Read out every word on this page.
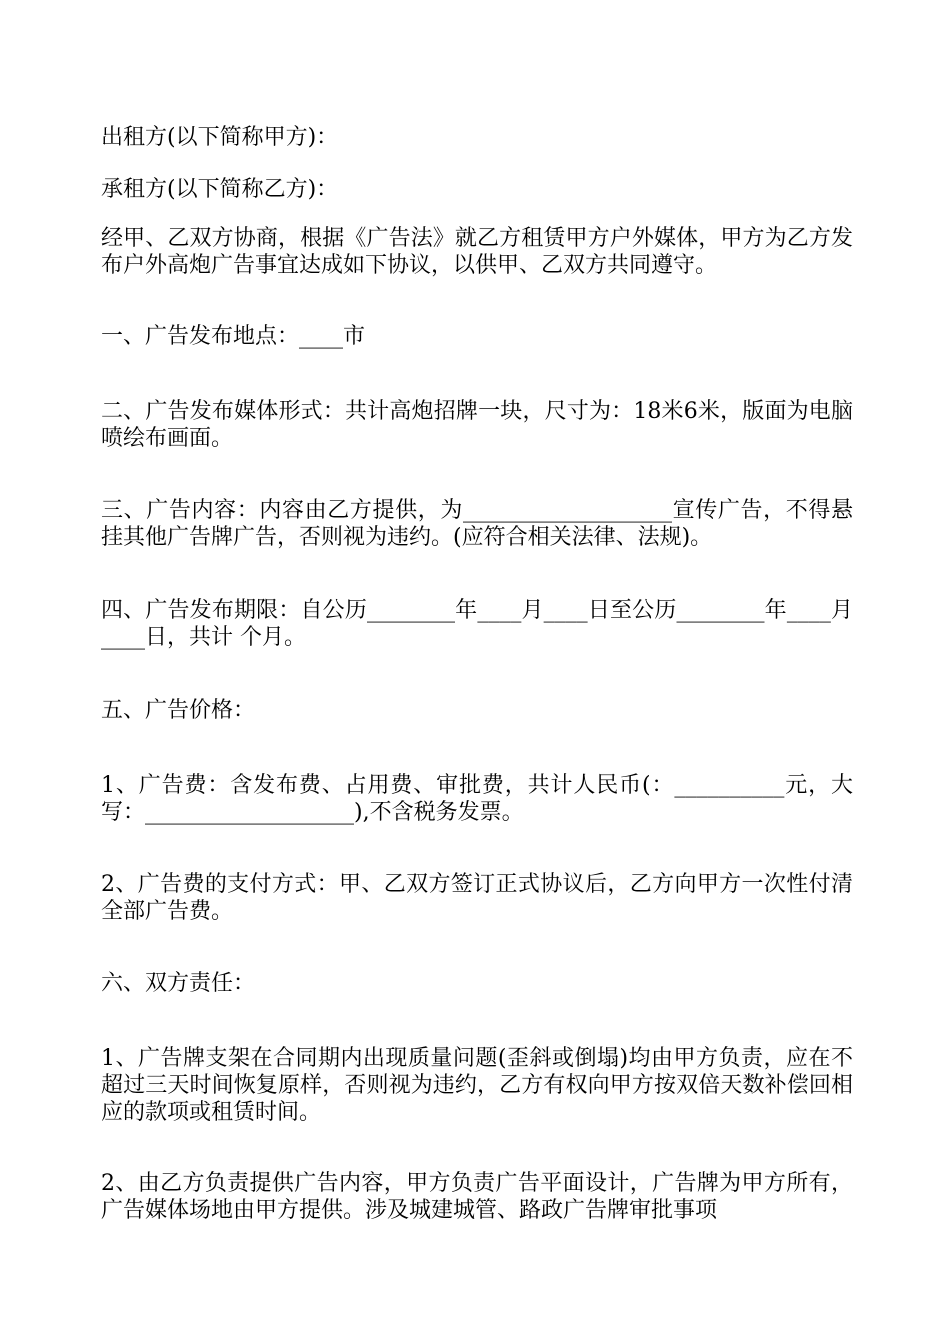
出租方(以下简称甲方)：

承租方(以下简称乙方)：

经甲、乙双方协商，根据《广告法》就乙方租赁甲方户外媒体，甲方为乙方发布户外高炮广告事宜达成如下协议，以供甲、乙双方共同遵守。

一、广告发布地点：____市

二、广告发布媒体形式：共计高炮招牌一块，尺寸为：18米6米，版面为电脑喷绘布画面。

三、广告内容：内容由乙方提供，为___________________宣传广告，不得悬挂其他广告牌广告，否则视为违约。(应符合相关法律、法规)。

四、广告发布期限：自公历________年____月____日至公历________年____月____日，共计 个月。

五、广告价格：

1、广告费：含发布费、占用费、审批费，共计人民币(：__________元，大写：___________________),不含税务发票。

2、广告费的支付方式：甲、乙双方签订正式协议后，乙方向甲方一次性付清全部广告费。

六、双方责任：

1、广告牌支架在合同期内出现质量问题(歪斜或倒塌)均由甲方负责，应在不超过三天时间恢复原样，否则视为违约，乙方有权向甲方按双倍天数补偿回相应的款项或租赁时间。

2、由乙方负责提供广告内容，甲方负责广告平面设计，广告牌为甲方所有，广告媒体场地由甲方提供。涉及城建城管、路政广告牌审批事项
